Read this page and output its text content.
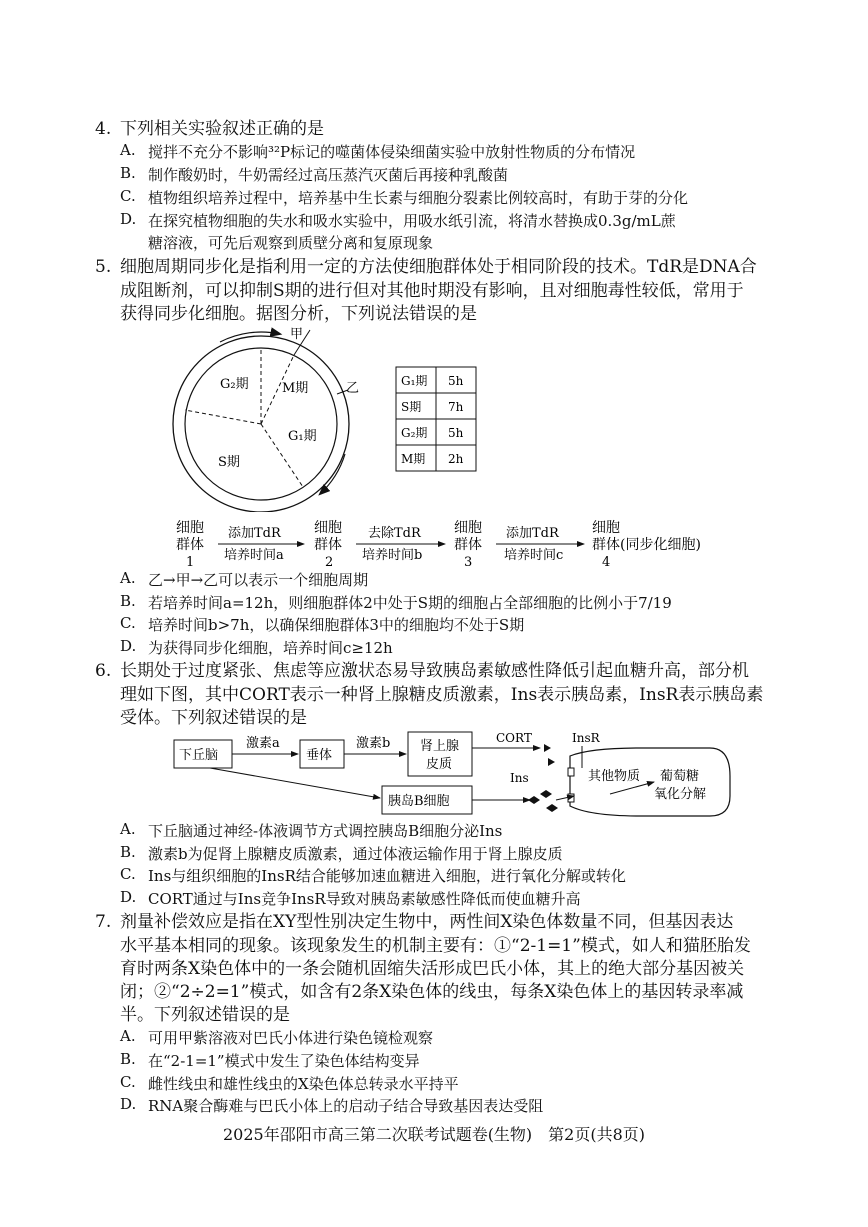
4. 下列相关实验叙述正确的是
A. 搅拌不充分不影响³²P标记的噬菌体侵染细菌实验中放射性物质的分布情况
B. 制作酸奶时，牛奶需经过高压蒸汽灭菌后再接种乳酸菌
C. 植物组织培养过程中，培养基中生长素与细胞分裂素比例较高时，有助于芽的分化
D. 在探究植物细胞的失水和吸水实验中，用吸水纸引流，将清水替换成0.3g/mL蔗
糖溶液，可先后观察到质壁分离和复原现象
5. 细胞周期同步化是指利用一定的方法使细胞群体处于相同阶段的技术。TdR是DNA合
成阻断剂，可以抑制S期的进行但对其他时期没有影响，且对细胞毒性较低，常用于
获得同步化细胞。据图分析，下列说法错误的是
G₂期	M期
G₁期
S期
甲
乙	G₁期 5h
S期 7h
G₂期 5h
M期 2h
细胞
群体
1
添加TdR
培养时间a
细胞
群体
2
去除TdR
培养时间b
细胞
群体
3
添加TdR
培养时间c
细胞
群体(同步化细胞)
4
A. 乙→甲→乙可以表示一个细胞周期
B. 若培养时间a=12h，则细胞群体2中处于S期的细胞占全部细胞的比例小于7/19
C. 培养时间b>7h，以确保细胞群体3中的细胞均不处于S期
D. 为获得同步化细胞，培养时间c≥12h
6. 长期处于过度紧张、焦虑等应激状态易导致胰岛素敏感性降低引起血糖升高，部分机
理如下图，其中CORT表示一种肾上腺糖皮质激素，Ins表示胰岛素，InsR表示胰岛素
受体。下列叙述错误的是
下丘脑
激素a
垂体
激素b 肾上腺
皮质
CORT	InsR
其他物质 葡萄糖
氧化分解
胰岛B细胞
Ins
A. 下丘脑通过神经-体液调节方式调控胰岛B细胞分泌Ins
B. 激素b为促肾上腺糖皮质激素，通过体液运输作用于肾上腺皮质
C. Ins与组织细胞的InsR结合能够加速血糖进入细胞，进行氧化分解或转化
D. CORT通过与Ins竞争InsR导致对胰岛素敏感性降低而使血糖升高
7. 剂量补偿效应是指在XY型性别决定生物中，两性间X染色体数量不同，但基因表达
水平基本相同的现象。该现象发生的机制主要有：①“2-1=1”模式，如人和猫胚胎发
育时两条X染色体中的一条会随机固缩失活形成巴氏小体，其上的绝大部分基因被关
闭；②“2÷2=1”模式，如含有2条X染色体的线虫，每条X染色体上的基因转录率减
半。下列叙述错误的是
A. 可用甲紫溶液对巴氏小体进行染色镜检观察
B. 在“2-1=1”模式中发生了染色体结构变异
C. 雌性线虫和雄性线虫的X染色体总转录水平持平
D. RNA聚合酶难与巴氏小体上的启动子结合导致基因表达受阻
2025年邵阳市高三第二次联考试题卷(生物)　第2页(共8页)
